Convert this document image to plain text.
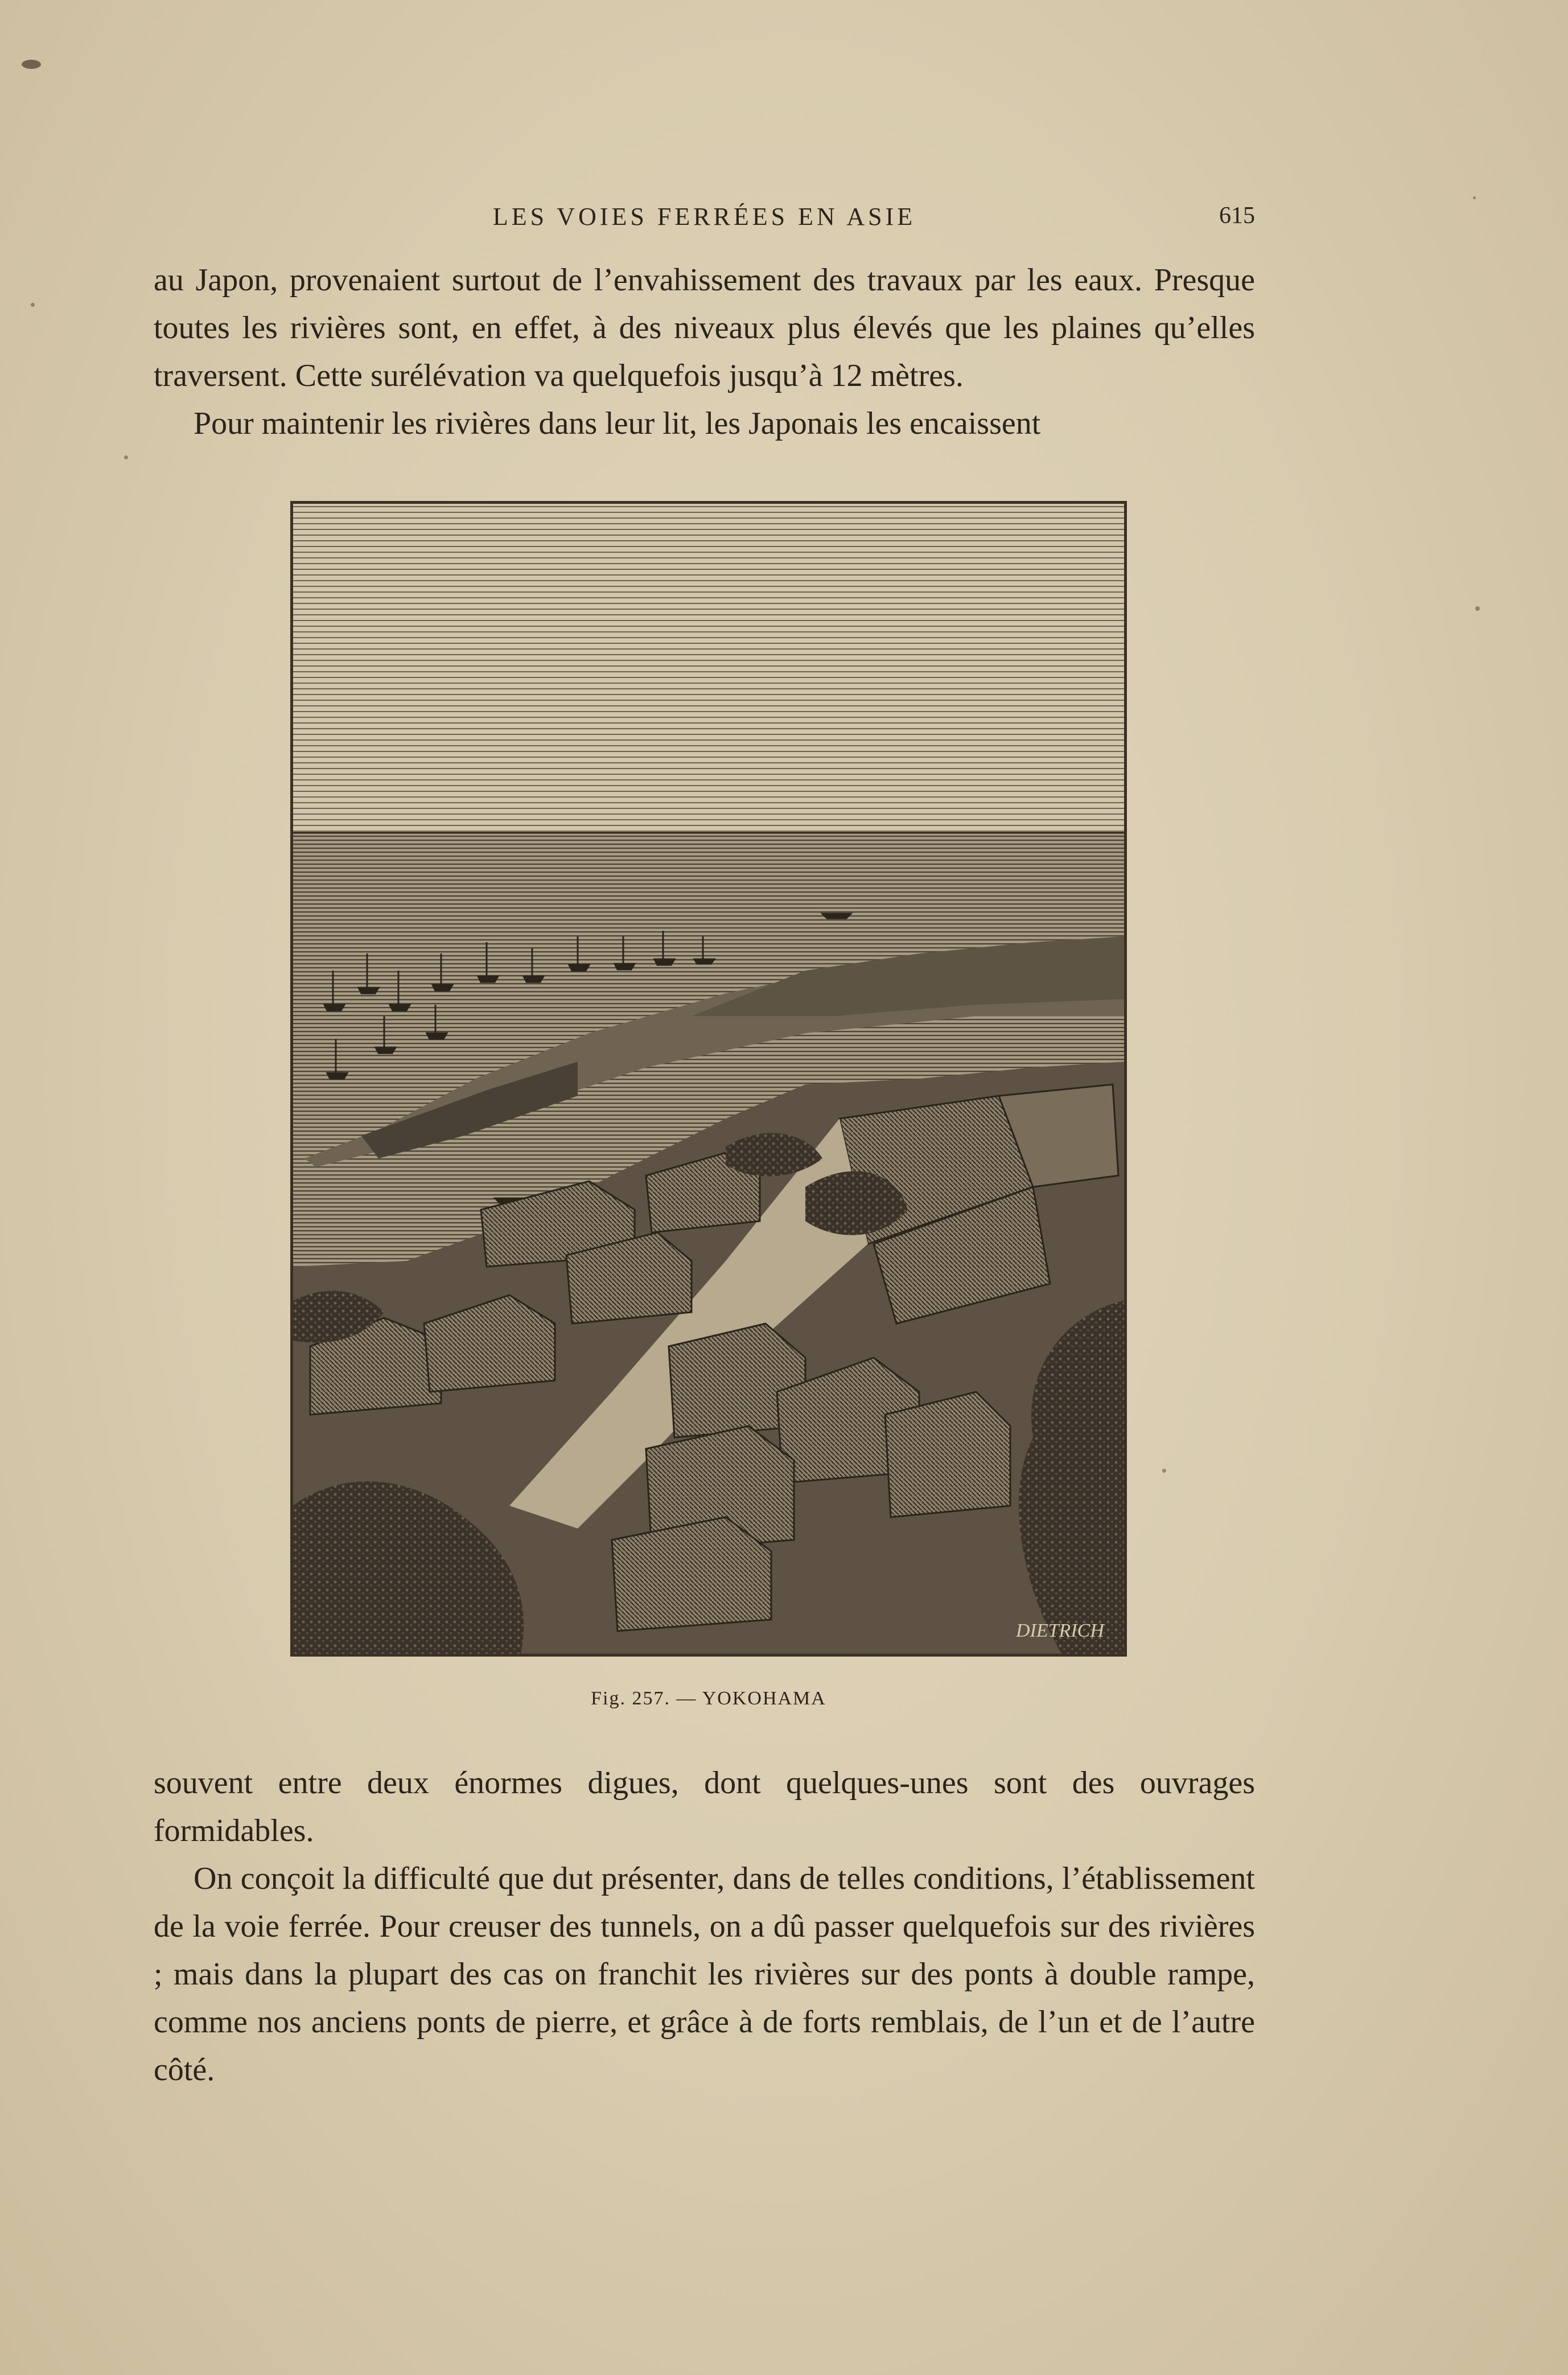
LES VOIES FERRÉES EN ASIE	615

au Japon, provenaient surtout de l’envahissement des travaux par les eaux. Presque toutes les rivières sont, en effet, à des niveaux plus élevés que les plaines qu’elles traversent. Cette surélévation va quelquefois jusqu’à 12 mètres.

Pour maintenir les rivières dans leur lit, les Japonais les encaissent

DIETRICH
Fig. 257. — YOKOHAMA

souvent entre deux énormes digues, dont quelques-unes sont des ouvrages formidables.

On conçoit la difficulté que dut présenter, dans de telles conditions, l’établissement de la voie ferrée. Pour creuser des tunnels, on a dû passer quelquefois sur des rivières ; mais dans la plupart des cas on franchit les rivières sur des ponts à double rampe, comme nos anciens ponts de pierre, et grâce à de forts remblais, de l’un et de l’autre côté.
